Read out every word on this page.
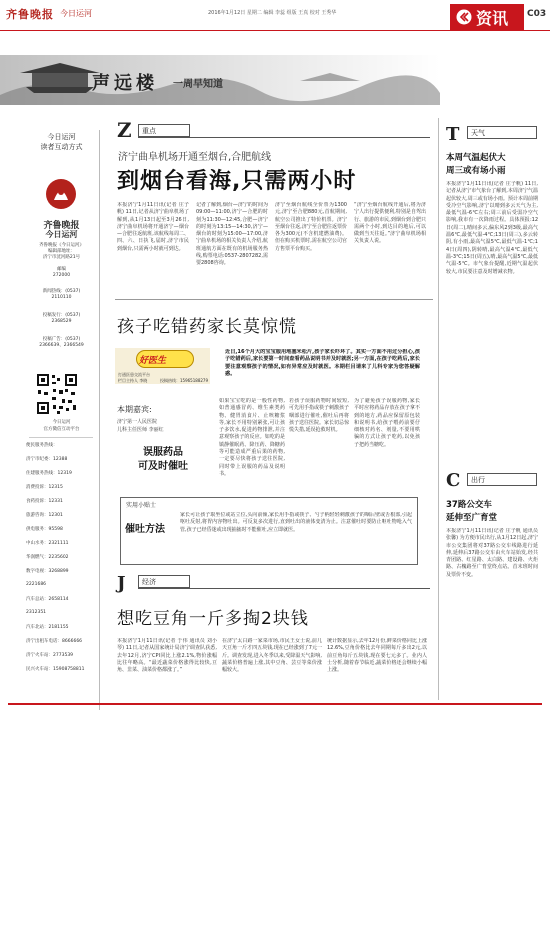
齐鲁晚报 今日运河	2016年1月12日 星期二 编辑 李蕊 组版 王真 校对 王秀华	资讯 C03
声远楼 一周早知道
今日运河
读者互动方式
齐鲁晚报
今日运河
齐鲁晚报《今日运河》
编辑部地址：
济宁市洸河路21号
邮编
272000
新闻热线：(0537)
2110110
投稿发行：(0537)
2368529
投稿广告：(0537)
2366639、2366549
今日运河
官方微信互动平台
便民服务热线：
济宁市纪委：12388
住建服务热线：12319
消费投诉：12315
食药投诉：12331
旅游咨询：12301
供电服务：95598
中山水务：2321111
华润燃气：2235602
数字电视：3268899
2221686
汽车总站：2658114
2312351
汽车北站：2181155
济宁出租车电话：8666666
济宁火车站：2773539
民兴火车站：15908758811
Z	重点
济宁曲阜机场开通至烟台,合肥航线
到烟台看海,只需两小时
本报济宁1月11日讯(记者 庄子帆) 11日,记者从济宁曲阜机场了解到,从1月13日起至3月26日,济宁曲阜机场将开通济宁—烟台—合肥往返航班,该航线每周二、四、六、日执飞,届时,济宁市民到烟台,只需两小时就可到达。
记者了解到,烟台—济宁的时间为09:00—11:00,济宁—合肥的时刻为11:30—12:45,合肥—济宁的时刻为13:15—14:30,济宁—烟台的时刻为15:00—17:00,济宁曲阜机场的相关负责人介绍,航班通航方面在既有的机场服务热线,购票电话:0537-2807282,需要2808咨询。
济宁至烟台航线全价票为1300元,济宁至合肥880元,首航期间,航空公司推出了特价机票。济宁至烟台往返,济宁至合肥往返票价各为300元(不含机建燃油费)。但在购买机票时,需在航空公司官方售票平台购买。
“济宁至烟台航线开通后,将为济宁人出行提供便利,特别是自驾出行、旅游的市民,到烟台到合肥只需两个小时,到达目的地后,可以做到当天往返。”济宁曲阜机场相关负责人说。
孩子吃错药家长莫惊慌
好医生
打通医患交流平台
栏目主持人 李晓	投稿热线：15965188279
近日,16个月大的宝宝服用地塞米松片,孩子家长吓坏了。其实一方面不用过分担心,孩子吃错药后,家长要第一时间查看药品说明书并及时就医;另一方面,在孩子吃药后,家长要注意观察孩子的情况,如有异常应及时就医。本期栏目请来了儿科专家为您答疑解惑。
本期嘉宾:
济宁第一人民医院
儿科主任医师 李丽红
误服药品
可及时催吐
如果宝宝吃的是一般性药物,如普通感冒药、维生素类药物、健胃消食片、止咳糖浆等,家长不用特别紧张,可让孩子多饮水,促进药物排泄,并注意观察孩子的反应。如吃的是镇静催眠药、降压药、降糖药等可能造成严重后果的药物,一定要尽快将孩子送往医院,同时带上误服的药品及说明书。
若孩子误服药物时间较短,可先用手指或筷子刺激孩子咽部进行催吐,催吐后再将孩子送往医院。家长切忌惊慌失措,延误抢救时机。
为了避免孩子误服药物,家长平时应将药品存放在孩子拿不到的地方,药品应保留原包装和说明书,给孩子喂药前要仔细核对药名、剂量,不要用哄骗的方式让孩子吃药,以免孩子把药当糖吃。
实用小贴士
催吐方法
家长可让孩子取坐位或站立位,头向前倾,家长用手指或筷子、勺子柄轻轻刺激孩子的咽后壁或舌根部,引起呕吐反射,将胃内容物吐出。可反复多次进行,直到吐出的液体变清为止。注意催吐时要防止呕吐物呛入气管,孩子已经昏迷或出现抽搐时不能催吐,应立即就医。
J	经济
想吃豆角一斤多掏2块钱
本报济宁1月11日讯(记者 于伟 通讯员 刘小琴) 11日,记者从国家统计局济宁调查队获悉,去年12月,济宁CPI同比上涨2.1%,物价涨幅比往年略高。“最近蔬菜价格涨得比较快,豆角、韭菜、油菜价格都涨了。”
在济宁太白路一家菜市场,市民王女士说,前几天豆角一斤才四五块钱,现在已经涨到了7元一斤。调查发现,进入冬季以来,受降温天气影响,蔬菜价格普遍上涨,其中豆角、芸豆等菜价涨幅较大。
统计数据显示,去年12月份,鲜菜价格同比上涨12.6%,豆角价格比去年同期每斤多出2元,以前豆角每斤五块钱,现在要七元多了。业内人士分析,随着春节临近,蔬菜价格还会继续小幅上涨。
T	天气
本周气温起伏大
周三或有场小雨
本报济宁1月11日讯(记者 庄子帆) 11日,记者从济宁市气象台了解到,本周济宁气温起伏较大,周三或有场小雨。预计本周前期受冷空气影响,济宁以晴到多云天气为主,最低气温-6℃左右;周三前后受弱冷空气影响,我市有一次降雨过程。具体预报:12日(周二),晴间多云,偏东风2到3级,最高气温6℃,最低气温-4℃;13日(周三),多云转阴,有小雨,最高气温5℃,最低气温-1℃;14日(周四),阴转晴,最高气温4℃,最低气温-3℃;15日(周五),晴,最高气温5℃,最低气温-5℃。市气象台提醒,近期气温起伏较大,市民要注意及时增减衣物。
C	出行
37路公交车
延伸至广育堂
本报济宁1月11日讯(记者 庄子帆 通讯员 张馨) 为方便市民出行,从1月12日起,济宁市公交集团将对37路公交车线路进行延伸,延伸后37路公交车由火车站始发,经共青团路、红星路、太白路、建设路、火炬路、古槐路至广育堂终点站。首末班时间及票价不变。
